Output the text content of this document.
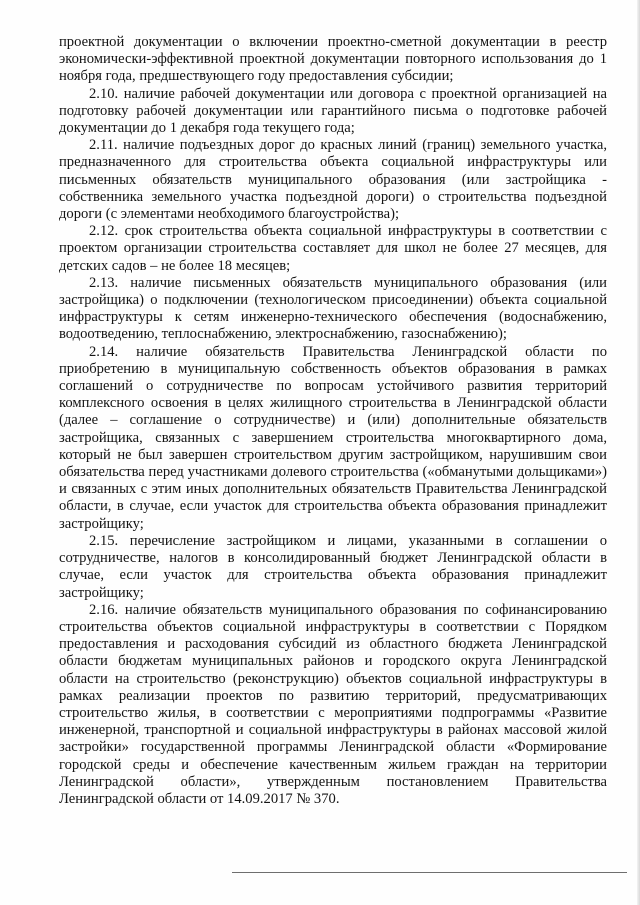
проектной документации о включении проектно-сметной документации в реестр экономически-эффективной проектной документации повторного использования до 1 ноября года, предшествующего году предоставления субсидии;

2.10. наличие рабочей документации или договора с проектной организацией на подготовку рабочей документации или гарантийного письма о подготовке рабочей документации до 1 декабря года текущего года;

2.11. наличие подъездных дорог до красных линий (границ) земельного участка, предназначенного для строительства объекта социальной инфраструктуры или письменных обязательств муниципального образования (или застройщика - собственника земельного участка подъездной дороги) о строительства подъездной дороги (с элементами необходимого благоустройства);

2.12. срок строительства объекта социальной инфраструктуры в соответствии с проектом организации строительства составляет для школ не более 27 месяцев, для детских садов – не более 18 месяцев;

2.13. наличие письменных обязательств муниципального образования (или застройщика) о подключении (технологическом присоединении) объекта социальной инфраструктуры к сетям инженерно-технического обеспечения (водоснабжению, водоотведению, теплоснабжению, электроснабжению, газоснабжению);

2.14. наличие обязательств Правительства Ленинградской области по приобретению в муниципальную собственность объектов образования в рамках соглашений о сотрудничестве по вопросам устойчивого развития территорий комплексного освоения в целях жилищного строительства в Ленинградской области (далее – соглашение о сотрудничестве) и (или) дополнительные обязательств застройщика, связанных с завершением строительства многоквартирного дома, который не был завершен строительством другим застройщиком, нарушившим свои обязательства перед участниками долевого строительства («обманутыми дольщиками») и связанных с этим иных дополнительных обязательств Правительства Ленинградской области, в случае, если участок для строительства объекта образования принадлежит застройщику;

2.15. перечисление застройщиком и лицами, указанными в соглашении о сотрудничестве, налогов в консолидированный бюджет Ленинградской области в случае, если участок для строительства объекта образования принадлежит застройщику;

2.16. наличие обязательств муниципального образования по софинансированию строительства объектов социальной инфраструктуры в соответствии с Порядком предоставления и расходования субсидий из областного бюджета Ленинградской области бюджетам муниципальных районов и городского округа Ленинградской области на строительство (реконструкцию) объектов социальной инфраструктуры в рамках реализации проектов по развитию территорий, предусматривающих строительство жилья, в соответствии с мероприятиями подпрограммы «Развитие инженерной, транспортной и социальной инфраструктуры в районах массовой жилой застройки» государственной программы Ленинградской области «Формирование городской среды и обеспечение качественным жильем граждан на территории Ленинградской области», утвержденным постановлением Правительства Ленинградской области от 14.09.2017 № 370.
